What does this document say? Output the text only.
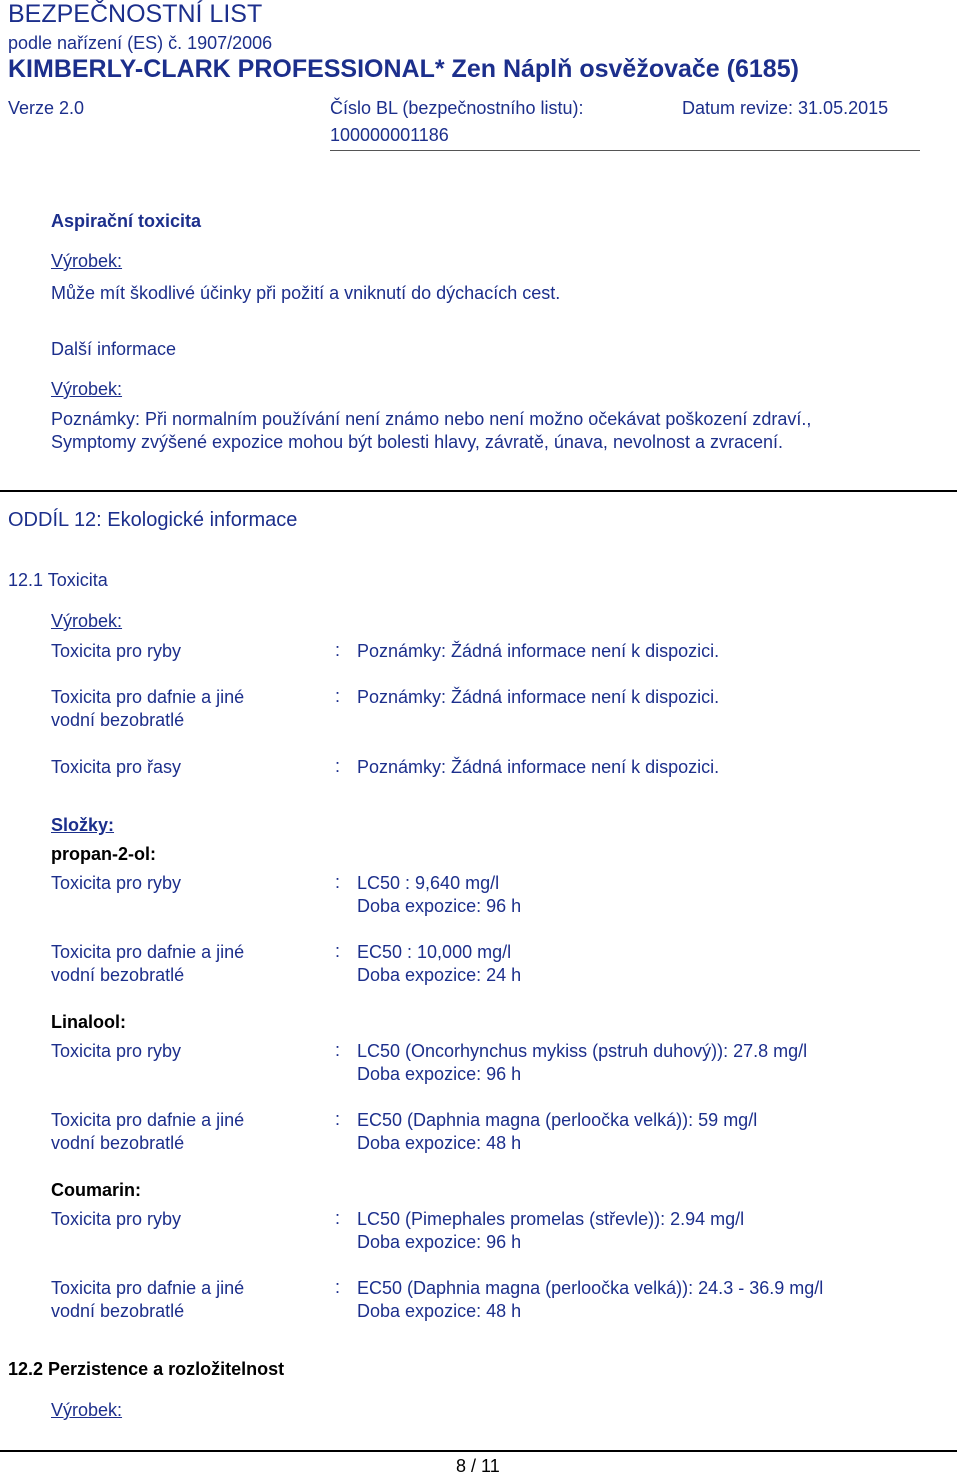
BEZPEČNOSTNÍ LIST
podle nařízení (ES) č. 1907/2006
KIMBERLY-CLARK PROFESSIONAL* Zen Náplň osvěžovače (6185)
Verze 2.0	Číslo BL (bezpečnostního listu):
100000001186
Datum revize: 31.05.2015
Aspirační toxicita
Výrobek:
Může mít škodlivé účinky při požití a vniknutí do dýchacích cest.
Další informace
Výrobek:
Poznámky: Při normalním používání není známo nebo není možno očekávat poškození zdraví.,
Symptomy zvýšené expozice mohou být bolesti hlavy, závratě, únava, nevolnost a zvracení.
ODDÍL 12: Ekologické informace
12.1 Toxicita
Výrobek:
Toxicita pro ryby	: Poznámky: Žádná informace není k dispozici.
Toxicita pro dafnie a jiné
vodní bezobratlé
: Poznámky: Žádná informace není k dispozici.
Toxicita pro řasy	: Poznámky: Žádná informace není k dispozici.
Složky:
propan-2-ol:
Toxicita pro ryby	: LC50 : 9,640 mg/l
Doba expozice: 96 h
Toxicita pro dafnie a jiné
vodní bezobratlé
: EC50 : 10,000 mg/l
Doba expozice: 24 h
Linalool:
Toxicita pro ryby	: LC50 (Oncorhynchus mykiss (pstruh duhový)): 27.8 mg/l
Doba expozice: 96 h
Toxicita pro dafnie a jiné
vodní bezobratlé
: EC50 (Daphnia magna (perloočka velká)): 59 mg/l
Doba expozice: 48 h
Coumarin:
Toxicita pro ryby	: LC50 (Pimephales promelas (střevle)): 2.94 mg/l
Doba expozice: 96 h
Toxicita pro dafnie a jiné
vodní bezobratlé
: EC50 (Daphnia magna (perloočka velká)): 24.3 - 36.9 mg/l
Doba expozice: 48 h
12.2 Perzistence a rozložitelnost
Výrobek:
8 / 11
